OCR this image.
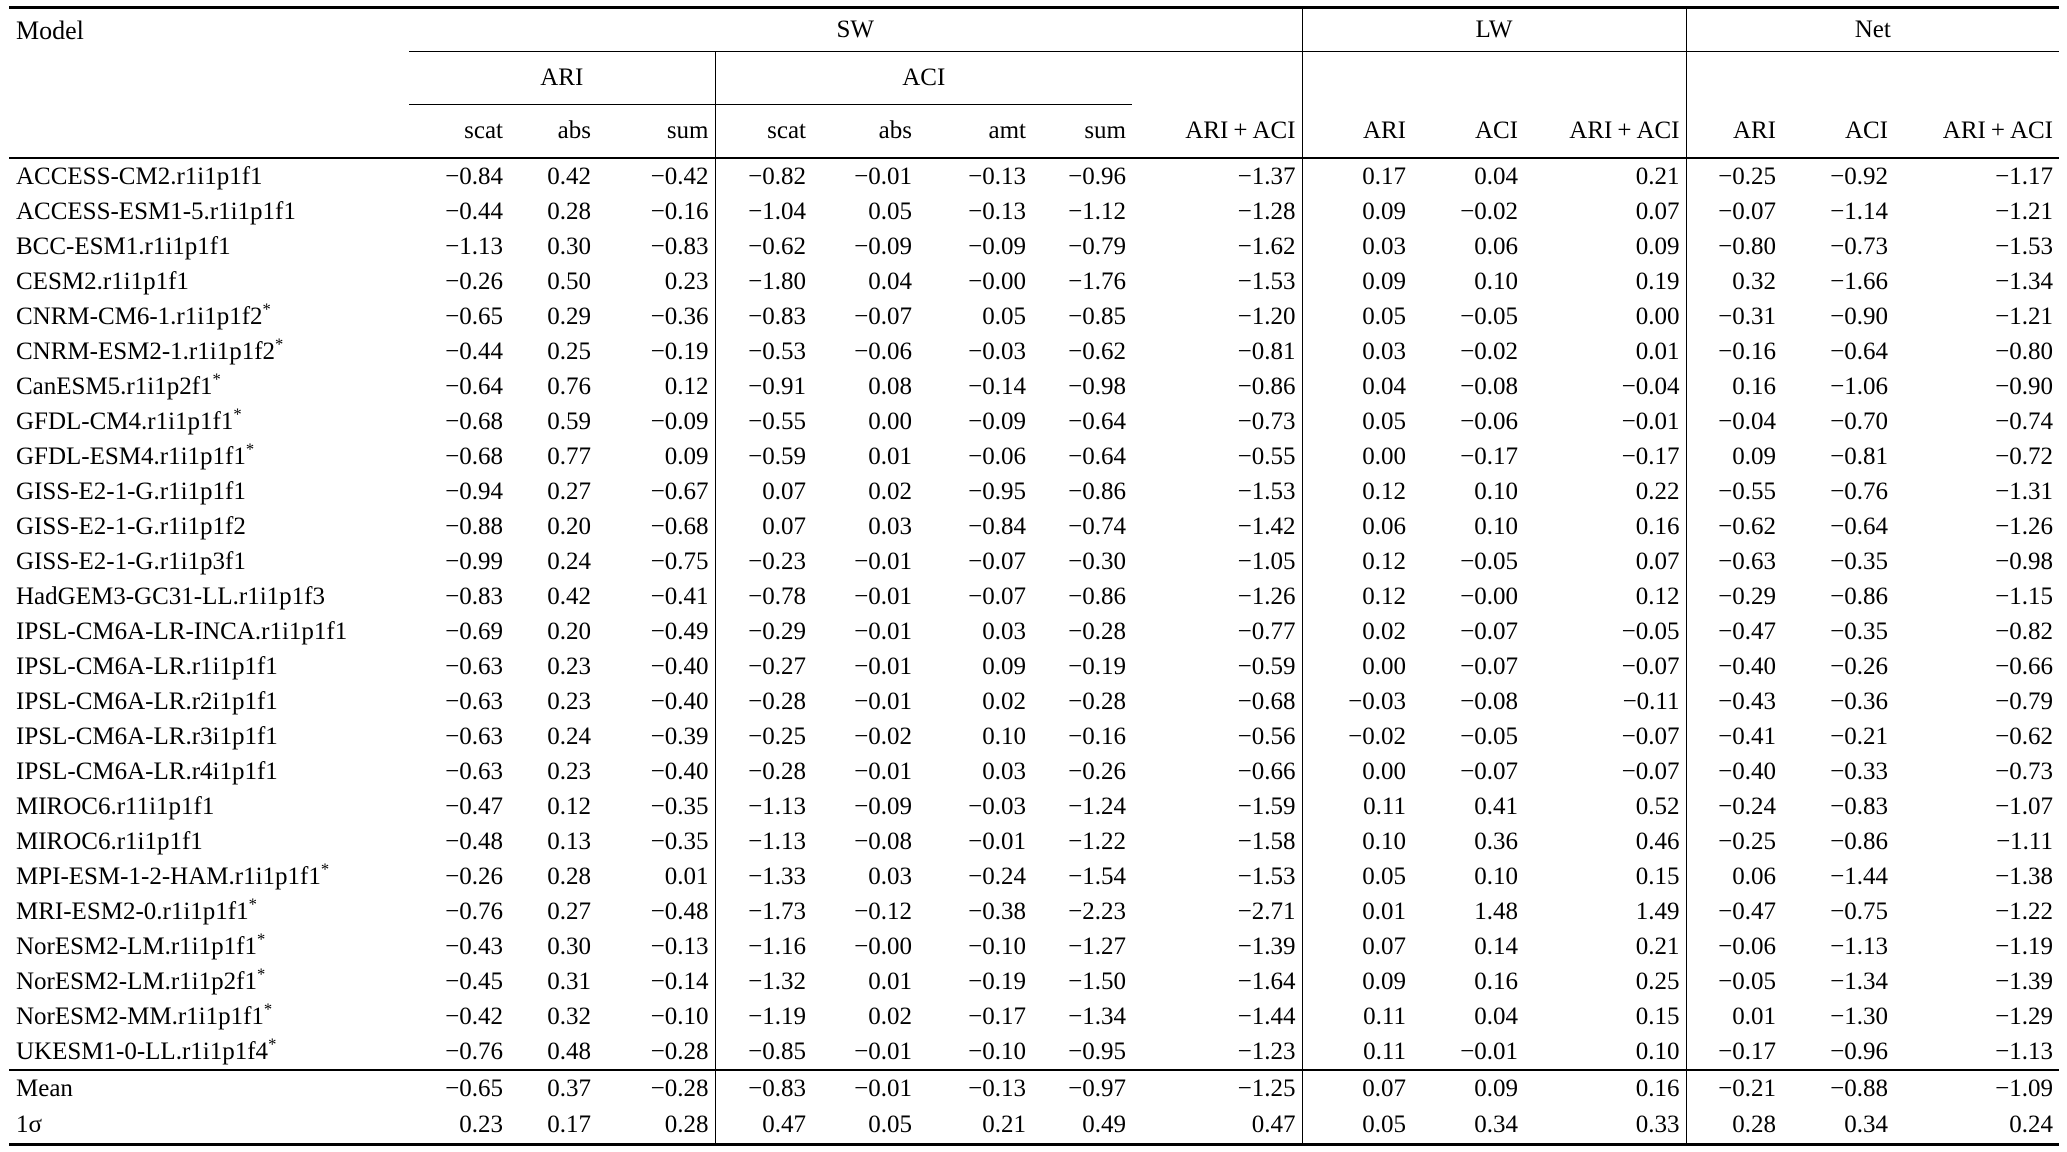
Model	SW								LW			Net		
	ARI			ACI										
	scat	abs	sum	scat	abs	amt	sum	ARI + ACI	ARI	ACI	ARI + ACI	ARI	ACI	ARI + ACI
ACCESS-CM2.r1i1p1f1	−0.84	0.42	−0.42	−0.82	−0.01	−0.13	−0.96	−1.37	0.17	0.04	0.21	−0.25	−0.92	−1.17
ACCESS-ESM1-5.r1i1p1f1	−0.44	0.28	−0.16	−1.04	0.05	−0.13	−1.12	−1.28	0.09	−0.02	0.07	−0.07	−1.14	−1.21
BCC-ESM1.r1i1p1f1	−1.13	0.30	−0.83	−0.62	−0.09	−0.09	−0.79	−1.62	0.03	0.06	0.09	−0.80	−0.73	−1.53
CESM2.r1i1p1f1	−0.26	0.50	0.23	−1.80	0.04	−0.00	−1.76	−1.53	0.09	0.10	0.19	0.32	−1.66	−1.34
CNRM-CM6-1.r1i1p1f2*	−0.65	0.29	−0.36	−0.83	−0.07	0.05	−0.85	−1.20	0.05	−0.05	0.00	−0.31	−0.90	−1.21
CNRM-ESM2-1.r1i1p1f2*	−0.44	0.25	−0.19	−0.53	−0.06	−0.03	−0.62	−0.81	0.03	−0.02	0.01	−0.16	−0.64	−0.80
CanESM5.r1i1p2f1*	−0.64	0.76	0.12	−0.91	0.08	−0.14	−0.98	−0.86	0.04	−0.08	−0.04	0.16	−1.06	−0.90
GFDL-CM4.r1i1p1f1*	−0.68	0.59	−0.09	−0.55	0.00	−0.09	−0.64	−0.73	0.05	−0.06	−0.01	−0.04	−0.70	−0.74
GFDL-ESM4.r1i1p1f1*	−0.68	0.77	0.09	−0.59	0.01	−0.06	−0.64	−0.55	0.00	−0.17	−0.17	0.09	−0.81	−0.72
GISS-E2-1-G.r1i1p1f1	−0.94	0.27	−0.67	0.07	0.02	−0.95	−0.86	−1.53	0.12	0.10	0.22	−0.55	−0.76	−1.31
GISS-E2-1-G.r1i1p1f2	−0.88	0.20	−0.68	0.07	0.03	−0.84	−0.74	−1.42	0.06	0.10	0.16	−0.62	−0.64	−1.26
GISS-E2-1-G.r1i1p3f1	−0.99	0.24	−0.75	−0.23	−0.01	−0.07	−0.30	−1.05	0.12	−0.05	0.07	−0.63	−0.35	−0.98
HadGEM3-GC31-LL.r1i1p1f3	−0.83	0.42	−0.41	−0.78	−0.01	−0.07	−0.86	−1.26	0.12	−0.00	0.12	−0.29	−0.86	−1.15
IPSL-CM6A-LR-INCA.r1i1p1f1	−0.69	0.20	−0.49	−0.29	−0.01	0.03	−0.28	−0.77	0.02	−0.07	−0.05	−0.47	−0.35	−0.82
IPSL-CM6A-LR.r1i1p1f1	−0.63	0.23	−0.40	−0.27	−0.01	0.09	−0.19	−0.59	0.00	−0.07	−0.07	−0.40	−0.26	−0.66
IPSL-CM6A-LR.r2i1p1f1	−0.63	0.23	−0.40	−0.28	−0.01	0.02	−0.28	−0.68	−0.03	−0.08	−0.11	−0.43	−0.36	−0.79
IPSL-CM6A-LR.r3i1p1f1	−0.63	0.24	−0.39	−0.25	−0.02	0.10	−0.16	−0.56	−0.02	−0.05	−0.07	−0.41	−0.21	−0.62
IPSL-CM6A-LR.r4i1p1f1	−0.63	0.23	−0.40	−0.28	−0.01	0.03	−0.26	−0.66	0.00	−0.07	−0.07	−0.40	−0.33	−0.73
MIROC6.r11i1p1f1	−0.47	0.12	−0.35	−1.13	−0.09	−0.03	−1.24	−1.59	0.11	0.41	0.52	−0.24	−0.83	−1.07
MIROC6.r1i1p1f1	−0.48	0.13	−0.35	−1.13	−0.08	−0.01	−1.22	−1.58	0.10	0.36	0.46	−0.25	−0.86	−1.11
MPI-ESM-1-2-HAM.r1i1p1f1*	−0.26	0.28	0.01	−1.33	0.03	−0.24	−1.54	−1.53	0.05	0.10	0.15	0.06	−1.44	−1.38
MRI-ESM2-0.r1i1p1f1*	−0.76	0.27	−0.48	−1.73	−0.12	−0.38	−2.23	−2.71	0.01	1.48	1.49	−0.47	−0.75	−1.22
NorESM2-LM.r1i1p1f1*	−0.43	0.30	−0.13	−1.16	−0.00	−0.10	−1.27	−1.39	0.07	0.14	0.21	−0.06	−1.13	−1.19
NorESM2-LM.r1i1p2f1*	−0.45	0.31	−0.14	−1.32	0.01	−0.19	−1.50	−1.64	0.09	0.16	0.25	−0.05	−1.34	−1.39
NorESM2-MM.r1i1p1f1*	−0.42	0.32	−0.10	−1.19	0.02	−0.17	−1.34	−1.44	0.11	0.04	0.15	0.01	−1.30	−1.29
UKESM1-0-LL.r1i1p1f4*	−0.76	0.48	−0.28	−0.85	−0.01	−0.10	−0.95	−1.23	0.11	−0.01	0.10	−0.17	−0.96	−1.13
Mean	−0.65	0.37	−0.28	−0.83	−0.01	−0.13	−0.97	−1.25	0.07	0.09	0.16	−0.21	−0.88	−1.09
1σ	0.23	0.17	0.28	0.47	0.05	0.21	0.49	0.47	0.05	0.34	0.33	0.28	0.34	0.24
